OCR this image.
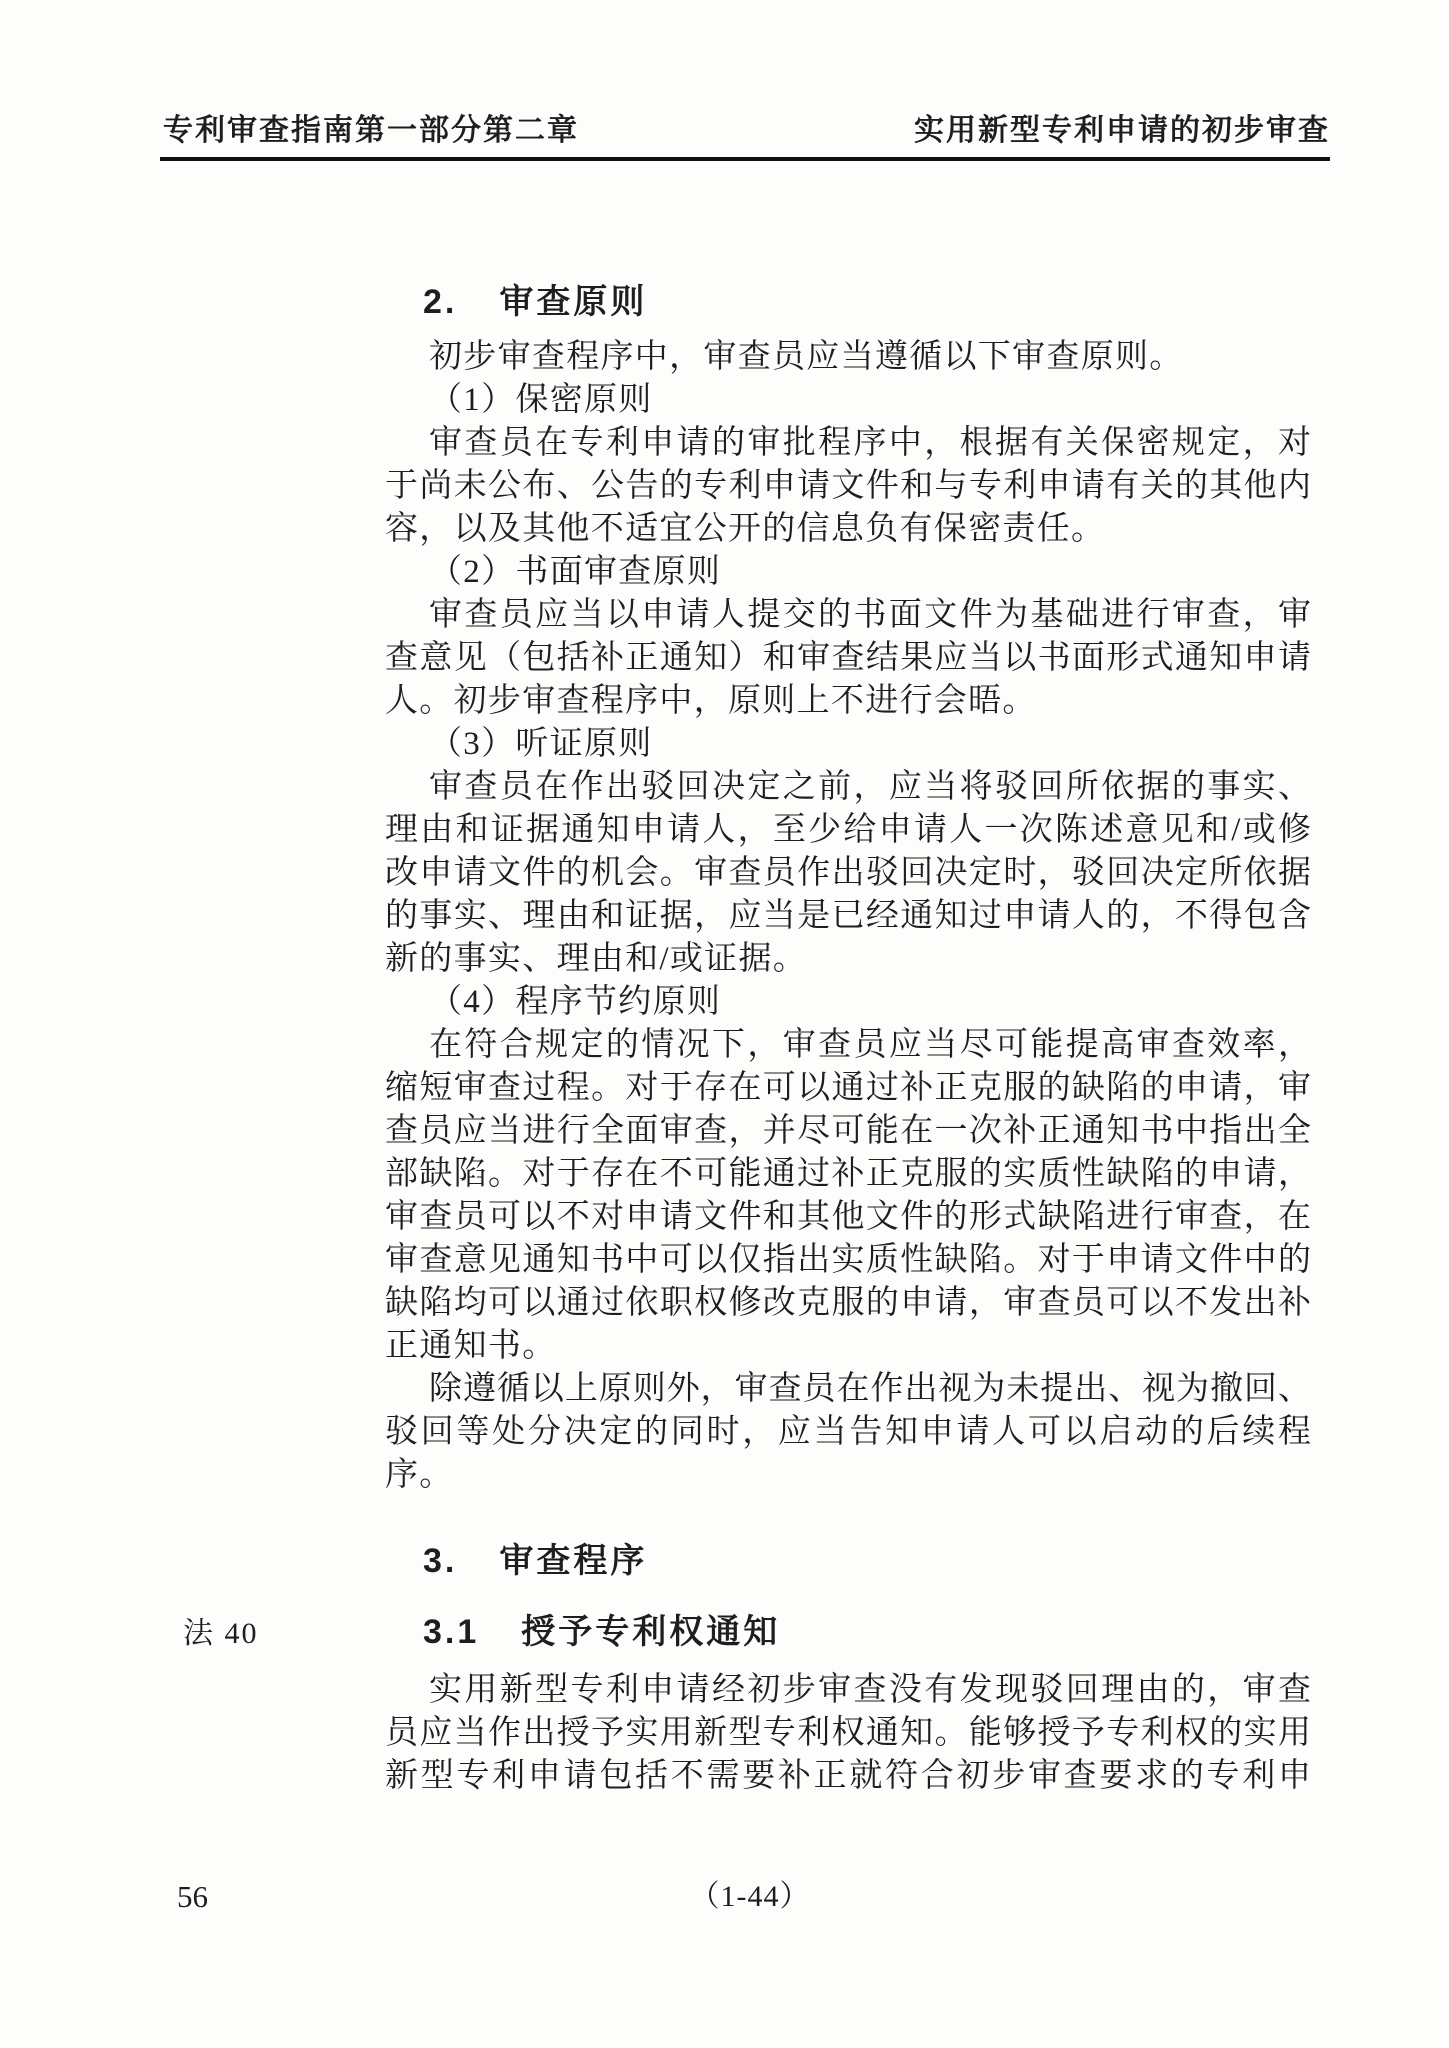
专利审查指南第一部分第二章	实用新型专利申请的初步审查
2. 审查原则
初步审查程序中，审查员应当遵循以下审查原则。
（1）保密原则
审查员在专利申请的审批程序中，根据有关保密规定，对
于尚未公布、公告的专利申请文件和与专利申请有关的其他内
容，以及其他不适宜公开的信息负有保密责任。
（2）书面审查原则
审查员应当以申请人提交的书面文件为基础进行审查，审
查意见（包括补正通知）和审查结果应当以书面形式通知申请
人。初步审查程序中，原则上不进行会晤。
（3）听证原则
审查员在作出驳回决定之前，应当将驳回所依据的事实、
理由和证据通知申请人，至少给申请人一次陈述意见和/或修
改申请文件的机会。审查员作出驳回决定时，驳回决定所依据
的事实、理由和证据，应当是已经通知过申请人的，不得包含
新的事实、理由和/或证据。
（4）程序节约原则
在符合规定的情况下，审查员应当尽可能提高审查效率，
缩短审查过程。对于存在可以通过补正克服的缺陷的申请，审
查员应当进行全面审查，并尽可能在一次补正通知书中指出全
部缺陷。对于存在不可能通过补正克服的实质性缺陷的申请，
审查员可以不对申请文件和其他文件的形式缺陷进行审查，在
审查意见通知书中可以仅指出实质性缺陷。对于申请文件中的
缺陷均可以通过依职权修改克服的申请，审查员可以不发出补
正通知书。
除遵循以上原则外，审查员在作出视为未提出、视为撤回、
驳回等处分决定的同时，应当告知申请人可以启动的后续程
序。
3. 审查程序
法 40	3.1 授予专利权通知
实用新型专利申请经初步审查没有发现驳回理由的，审查
员应当作出授予实用新型专利权通知。能够授予专利权的实用
新型专利申请包括不需要补正就符合初步审查要求的专利申
56	（1-44）
